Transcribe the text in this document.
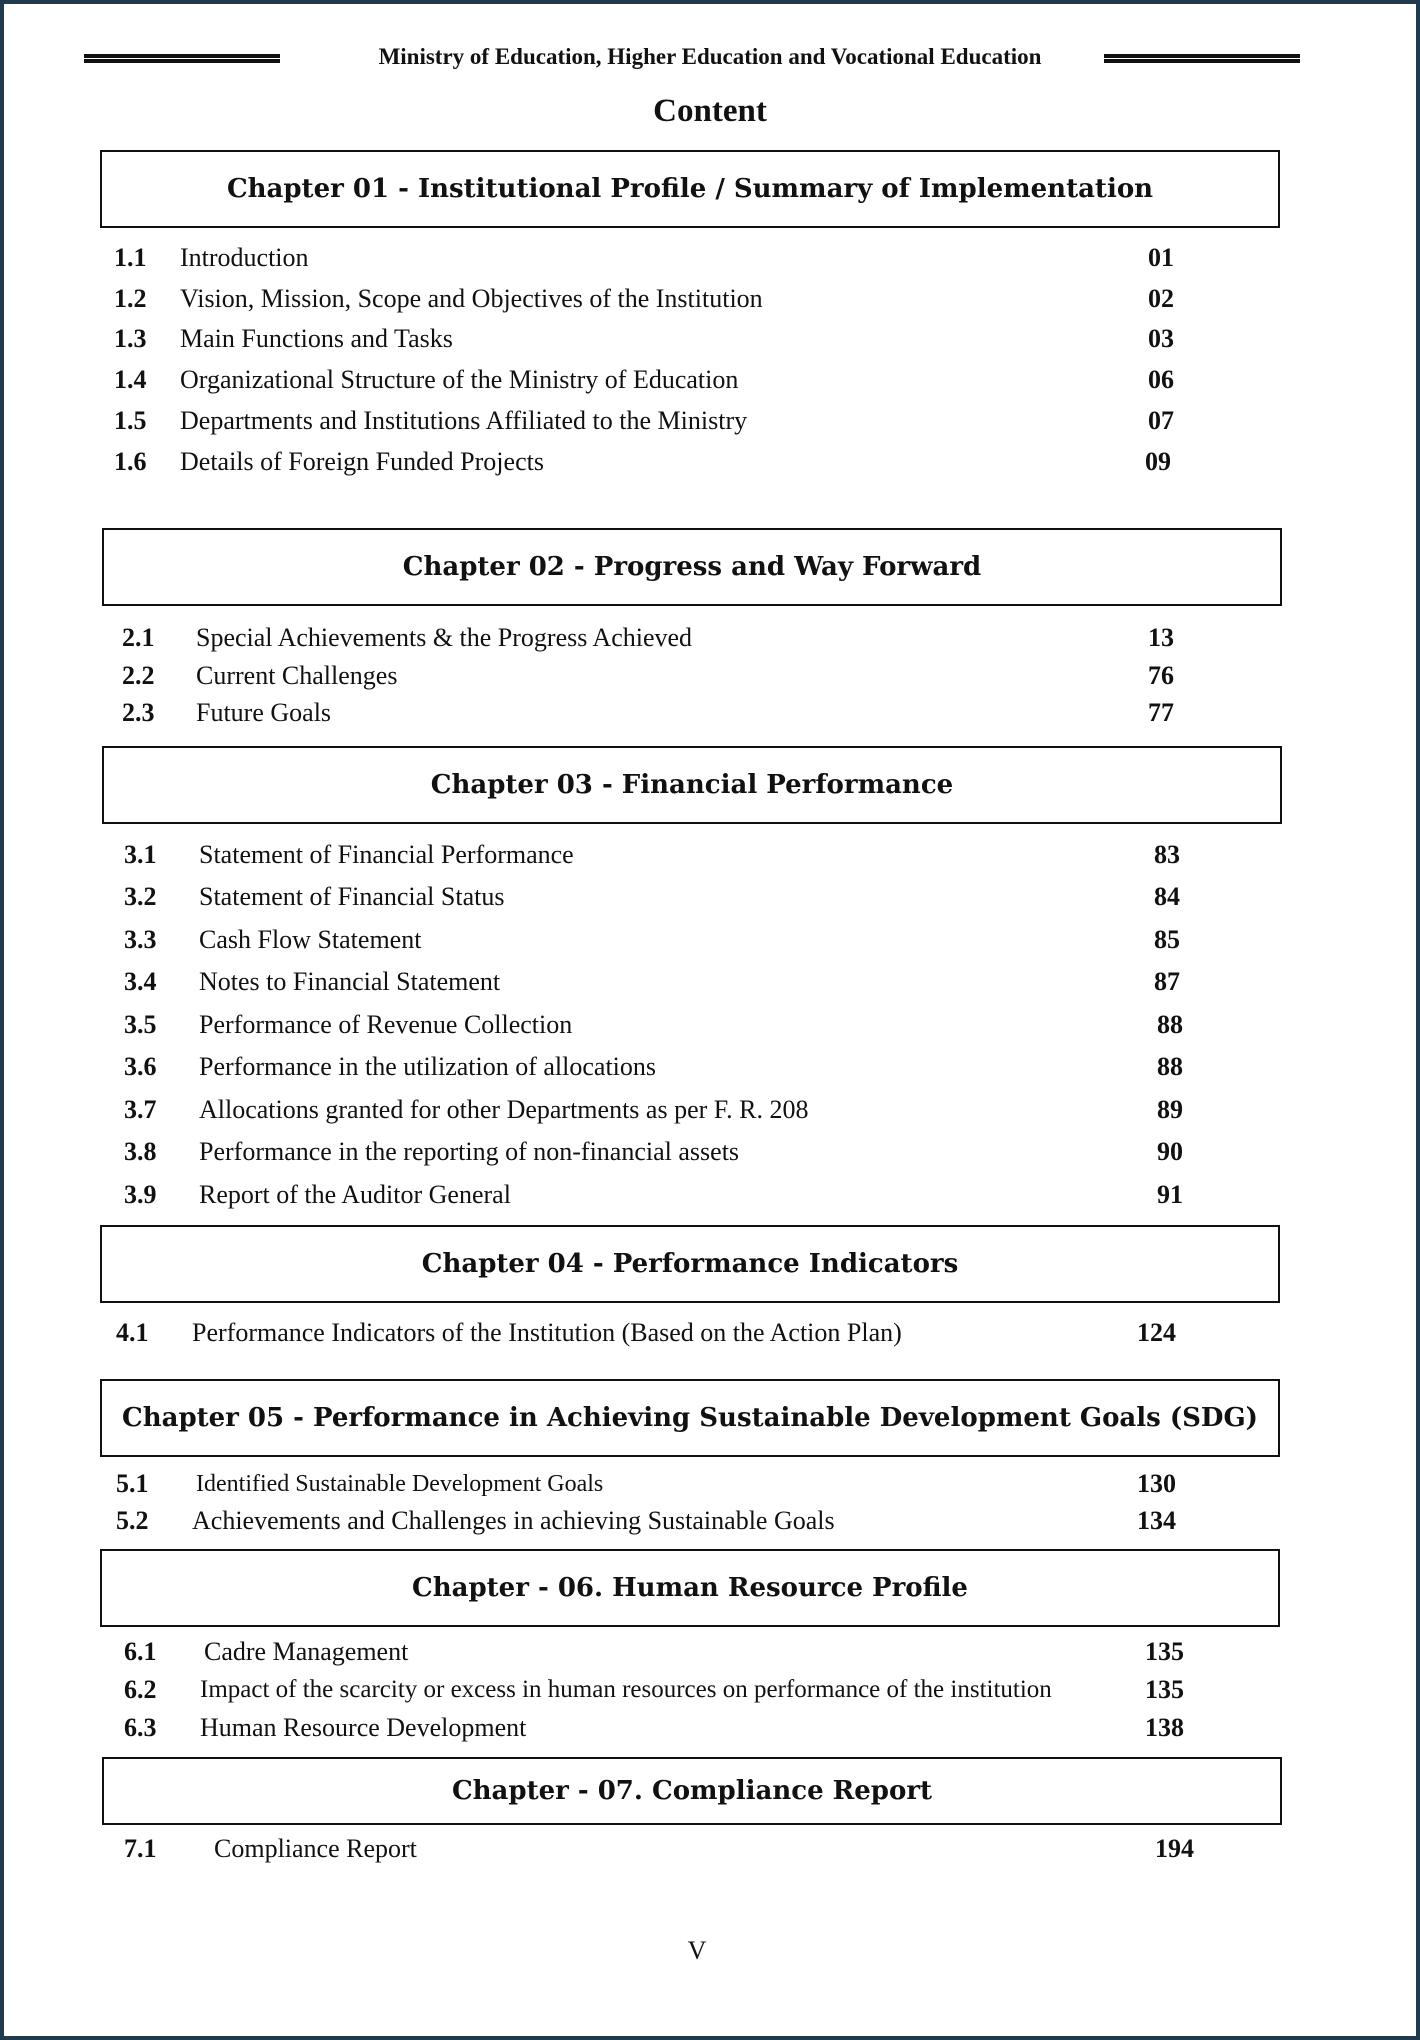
Ministry of Education, Higher Education and Vocational Education
Content
Chapter 01 - Institutional Profile / Summary of Implementation
1.1 Introduction	01
1.2 Vision, Mission, Scope and Objectives of the Institution	02
1.3 Main Functions and Tasks	03
1.4 Organizational Structure of the Ministry of Education	06
1.5 Departments and Institutions Affiliated to the Ministry	07
1.6 Details of Foreign Funded Projects	09
Chapter 02 - Progress and Way Forward
2.1 Special Achievements & the Progress Achieved	13
2.2 Current Challenges	76
2.3 Future Goals	77
Chapter 03 - Financial Performance
3.1 Statement of Financial Performance	83
3.2 Statement of Financial Status	84
3.3 Cash Flow Statement	85
3.4 Notes to Financial Statement	87
3.5 Performance of Revenue Collection	88
3.6 Performance in the utilization of allocations	88
3.7 Allocations granted for other Departments as per F. R. 208	89
3.8 Performance in the reporting of non-financial assets	90
3.9 Report of the Auditor General	91
Chapter 04 - Performance Indicators
4.1 Performance Indicators of the Institution (Based on the Action Plan)	124
Chapter 05 - Performance in Achieving Sustainable Development Goals (SDG)
5.1 Identified Sustainable Development Goals	130
5.2 Achievements and Challenges in achieving Sustainable Goals	134
Chapter - 06. Human Resource Profile
6.1 Cadre Management	135
6.2 Impact of the scarcity or excess in human resources on performance of the institution	135
6.3 Human Resource Development	138
Chapter - 07. Compliance Report
7.1 Compliance Report	194
V
